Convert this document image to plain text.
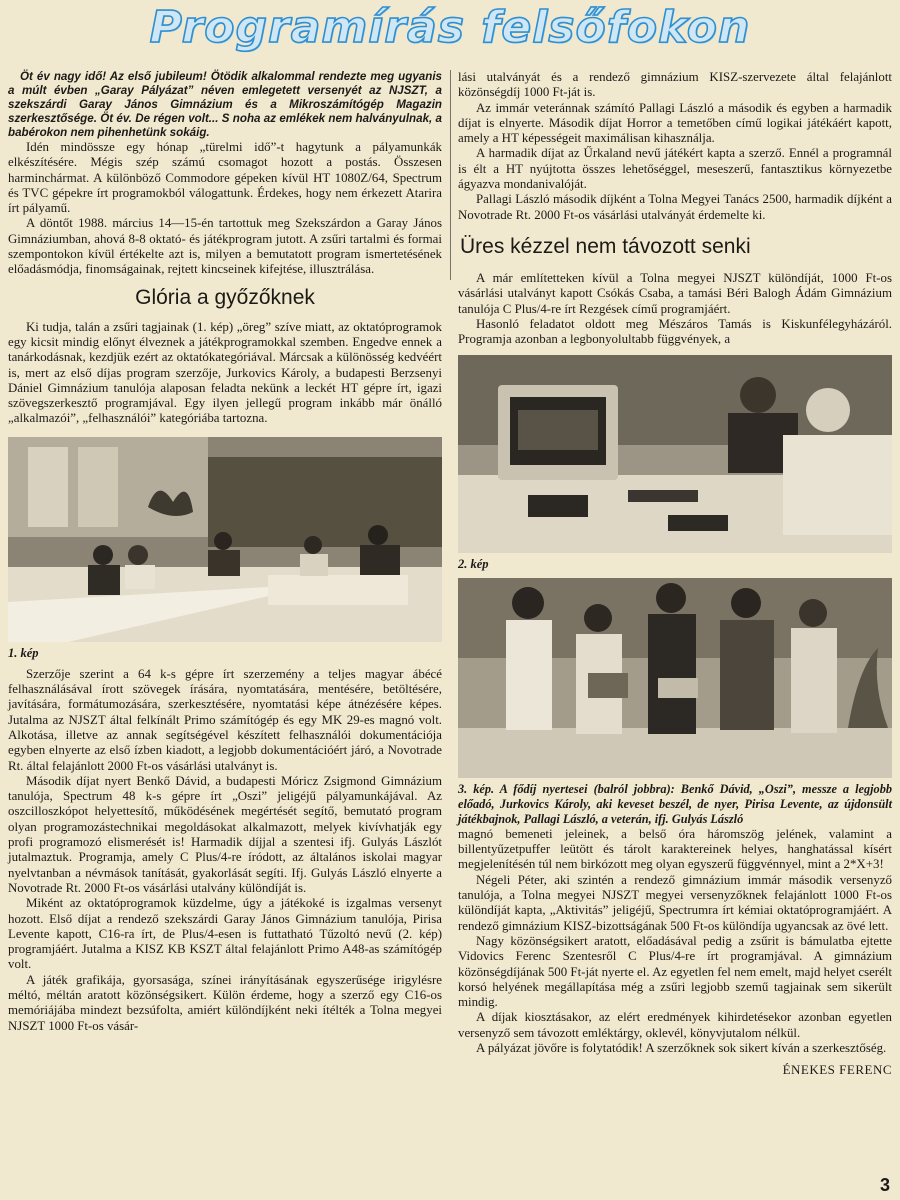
Programírás felsőfokon

Öt év nagy idő! Az első jubileum! Ötödik alkalommal rendezte meg ugyanis a múlt évben „Garay Pályázat” néven emlegetett versenyét az NJSZT, a szekszárdi Garay János Gimnázium és a Mikroszámítógép Magazin szerkesztősége. Öt év. De régen volt... S noha az emlékek nem halványulnak, a babérokon nem pihenhetünk sokáig.

Idén mindössze egy hónap „türelmi idő”-t hagytunk a pályamunkák elkészítésére. Mégis szép számú csomagot hozott a postás. Összesen harminchármat. A különböző Commodore gépeken kívül HT 1080Z/64, Spectrum és TVC gépekre írt programokból válogattunk. Érdekes, hogy nem érkezett Atarira írt pályamű.

A döntőt 1988. március 14—15-én tartottuk meg Szekszárdon a Garay János Gimnáziumban, ahová 8-8 oktató- és játékprogram jutott. A zsűri tartalmi és formai szempontokon kívül értékelte azt is, milyen a bemutatott program ismertetésének előadásmódja, finomságainak, rejtett kincseinek kifejtése, illusztrálása.

Glória a győzőknek

Ki tudja, talán a zsűri tagjainak (1. kép) „öreg” szíve miatt, az oktatóprogramok egy kicsit mindig előnyt élveznek a játékprogramokkal szemben. Engedve ennek a tanárkodásnak, kezdjük ezért az oktatókategóriával. Márcsak a különösség kedvéért is, mert az első díjas program szerzője, Jurkovics Károly, a budapesti Berzsenyi Dániel Gimnázium tanulója alaposan feladta nekünk a leckét HT gépre írt, igazi szövegszerkesztő programjával. Egy ilyen jellegű program inkább már önálló „alkalmazói”, „felhasználói” kategóriába tartozna.

1. kép

Szerzője szerint a 64 k-s gépre írt szerzemény a teljes magyar ábécé felhasználásával írott szövegek írására, nyomtatására, mentésére, betöltésére, javítására, formátumozására, szerkesztésére, nyomtatási képe átnézésére képes. Jutalma az NJSZT által felkínált Primo számítógép és egy MK 29-es magnó volt. Alkotása, illetve az annak segítségével készített felhasználói dokumentációja egyben elnyerte az első ízben kiadott, a legjobb dokumentációért járó, a Novotrade Rt. által felajánlott 2000 Ft-os vásárlási utalványt is.

Második díjat nyert Benkő Dávid, a budapesti Móricz Zsigmond Gimnázium tanulója, Spectrum 48 k-s gépre írt „Oszi” jeligéjű pályamunkájával. Az oszcilloszkópot helyettesítő, működésének megértését segítő, bemutató program olyan programozástechnikai megoldásokat alkalmazott, melyek kivívhatják egy profi programozó elismerését is! Harmadik díjjal a szentesi ifj. Gulyás Lászlót jutalmaztuk. Programja, amely C Plus/4-re íródott, az általános iskolai magyar nyelvtanban a névmások tanítását, gyakorlását segíti. Ifj. Gulyás László elnyerte a Novotrade Rt. 2000 Ft-os vásárlási utalvány különdíját is.

Miként az oktatóprogramok küzdelme, úgy a játékoké is izgalmas versenyt hozott. Első díjat a rendező szekszárdi Garay János Gimnázium tanulója, Pirisa Levente kapott, C16-ra írt, de Plus/4-esen is futtatható Tűzoltó nevű (2. kép) programjáért. Jutalma a KISZ KB KSZT által felajánlott Primo A48-as számítógép volt.

A játék grafikája, gyorsasága, színei irányításának egyszerűsége irigylésre méltó, méltán aratott közönségsikert. Külön érdeme, hogy a szerző egy C16-os memóriájába mindezt bezsúfolta, amiért különdíjként neki ítélték a Tolna megyei NJSZT 1000 Ft-os vásár-

lási utalványát és a rendező gimnázium KISZ-szervezete által felajánlott közönségdíj 1000 Ft-ját is.

Az immár veteránnak számító Pallagi László a második és egyben a harmadik díjat is elnyerte. Második díjat Horror a temetőben című logikai játékáért kapott, amely a HT képességeit maximálisan kihasználja.

A harmadik díjat az Űrkaland nevű játékért kapta a szerző. Ennél a programnál is élt a HT nyújtotta összes lehetőséggel, meseszerű, fantasztikus környezetbe ágyazva mondanivalóját.

Pallagi László második díjként a Tolna Megyei Tanács 2500, harmadik díjként a Novotrade Rt. 2000 Ft-os vásárlási utalványát érdemelte ki.

Üres kézzel nem távozott senki

A már említetteken kívül a Tolna megyei NJSZT különdíját, 1000 Ft-os vásárlási utalványt kapott Csókás Csaba, a tamási Béri Balogh Ádám Gimnázium tanulója C Plus/4-re írt Rezgések című programjáért.

Hasonló feladatot oldott meg Mészáros Tamás is Kiskunfélegyházáról. Programja azonban a legbonyolultabb függvények, a

2. kép
3. kép. A fődíj nyertesei (balról jobbra): Benkő Dávid, „Oszi”, messze a legjobb előadó, Jurkovics Károly, aki keveset beszél, de nyer, Pirisa Levente, az újdonsült játékbajnok, Pallagi László, a veterán, ifj. Gulyás László

magnó bemeneti jeleinek, a belső óra háromszög jelének, valamint a billentyűzetpuffer leütött és tárolt karaktereinek helyes, hanghatással kísért megjelenítésén túl nem birkózott meg olyan egyszerű függvénnyel, mint a 2*X+3!

Négeli Péter, aki szintén a rendező gimnázium immár második versenyző tanulója, a Tolna megyei NJSZT megyei versenyzőknek felajánlott 1000 Ft-os különdíját kapta, „Aktivitás” jeligéjű, Spectrumra írt kémiai oktatóprogramjáért. A rendező gimnázium KISZ-bizottságának 500 Ft-os különdíja ugyancsak az övé lett.

Nagy közönségsikert aratott, előadásával pedig a zsűrit is bámulatba ejtette Vidovics Ferenc Szentesről C Plus/4-re írt programjával. A gimnázium közönségdíjának 500 Ft-ját nyerte el. Az egyetlen fel nem emelt, majd helyet cserélt korsó helyének megállapítása még a zsűri legjobb szemű tagjainak sem sikerült mindig.

A díjak kiosztásakor, az elért eredmények kihirdetésekor azonban egyetlen versenyző sem távozott emléktárgy, oklevél, könyvjutalom nélkül.

A pályázat jövőre is folytatódik! A szerzőknek sok sikert kíván a szerkesztőség.

ÉNEKES FERENC
3
